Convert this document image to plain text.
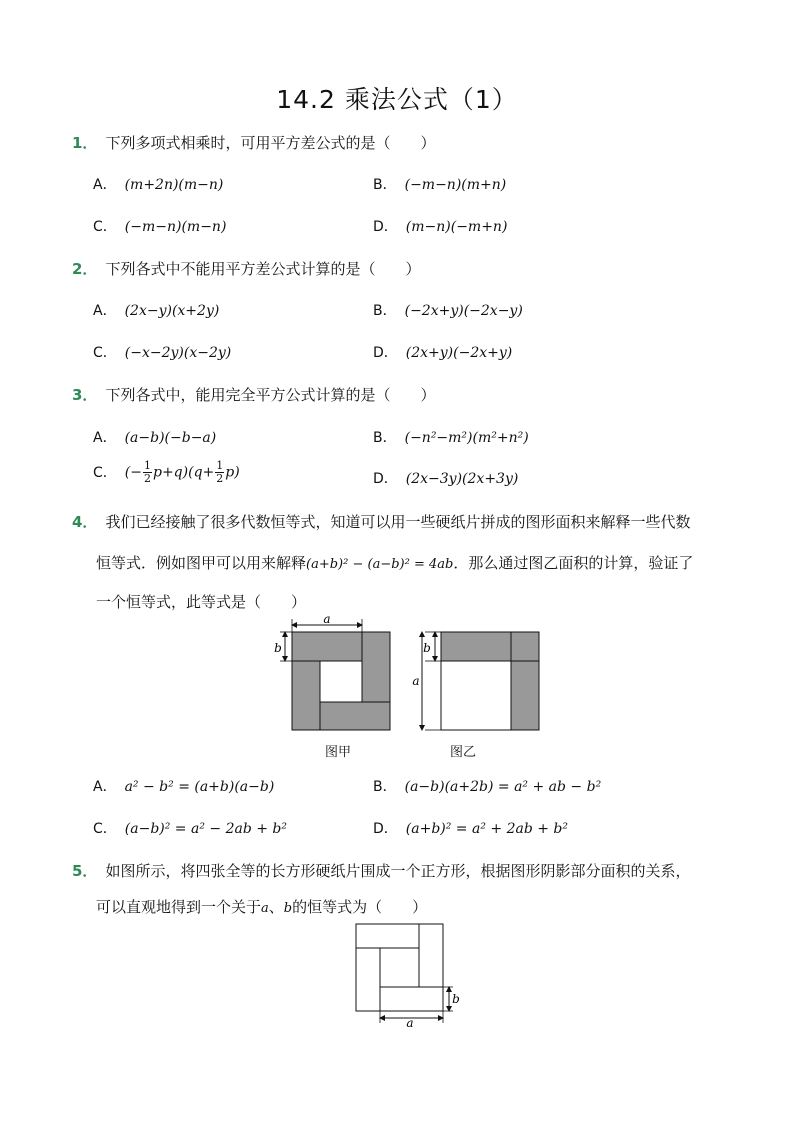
14.2 乘法公式（1）
1． 下列多项式相乘时，可用平方差公式的是（　　）
A． (m+2n)(m−n)	B． (−m−n)(m+n)
C． (−m−n)(m−n)	D． (m−n)(−m+n)
2． 下列各式中不能用平方差公式计算的是（　　）
A． (2x−y)(x+2y)	B． (−2x+y)(−2x−y)
C． (−x−2y)(x−2y)	D． (2x+y)(−2x+y)
3． 下列各式中，能用完全平方公式计算的是（　　）
A． (a−b)(−b−a)	B． (−n²−m²)(m²+n²)
C． (− $\frac{1}{2} p+q)(q+ \frac{1}{2} p)$	D． (2x−3y)(2x+3y)
4． 我们已经接触了很多代数恒等式，知道可以用一些硬纸片拼成的图形面积来解释一些代数
恒等式．例如图甲可以用来解释(a+b)² − (a−b)² = 4ab．那么通过图乙面积的计算，验证了
一个恒等式，此等式是（　　）
a
b
图甲
b
a
图乙
A． a² − b² = (a+b)(a−b)	B． (a−b)(a+2b) = a² + ab − b²
C． (a−b)² = a² − 2ab + b²	D． (a+b)² = a² + 2ab + b²
5． 如图所示，将四张全等的长方形硬纸片围成一个正方形，根据图形阴影部分面积的关系，
可以直观地得到一个关于a、b的恒等式为（　　）
a
b
